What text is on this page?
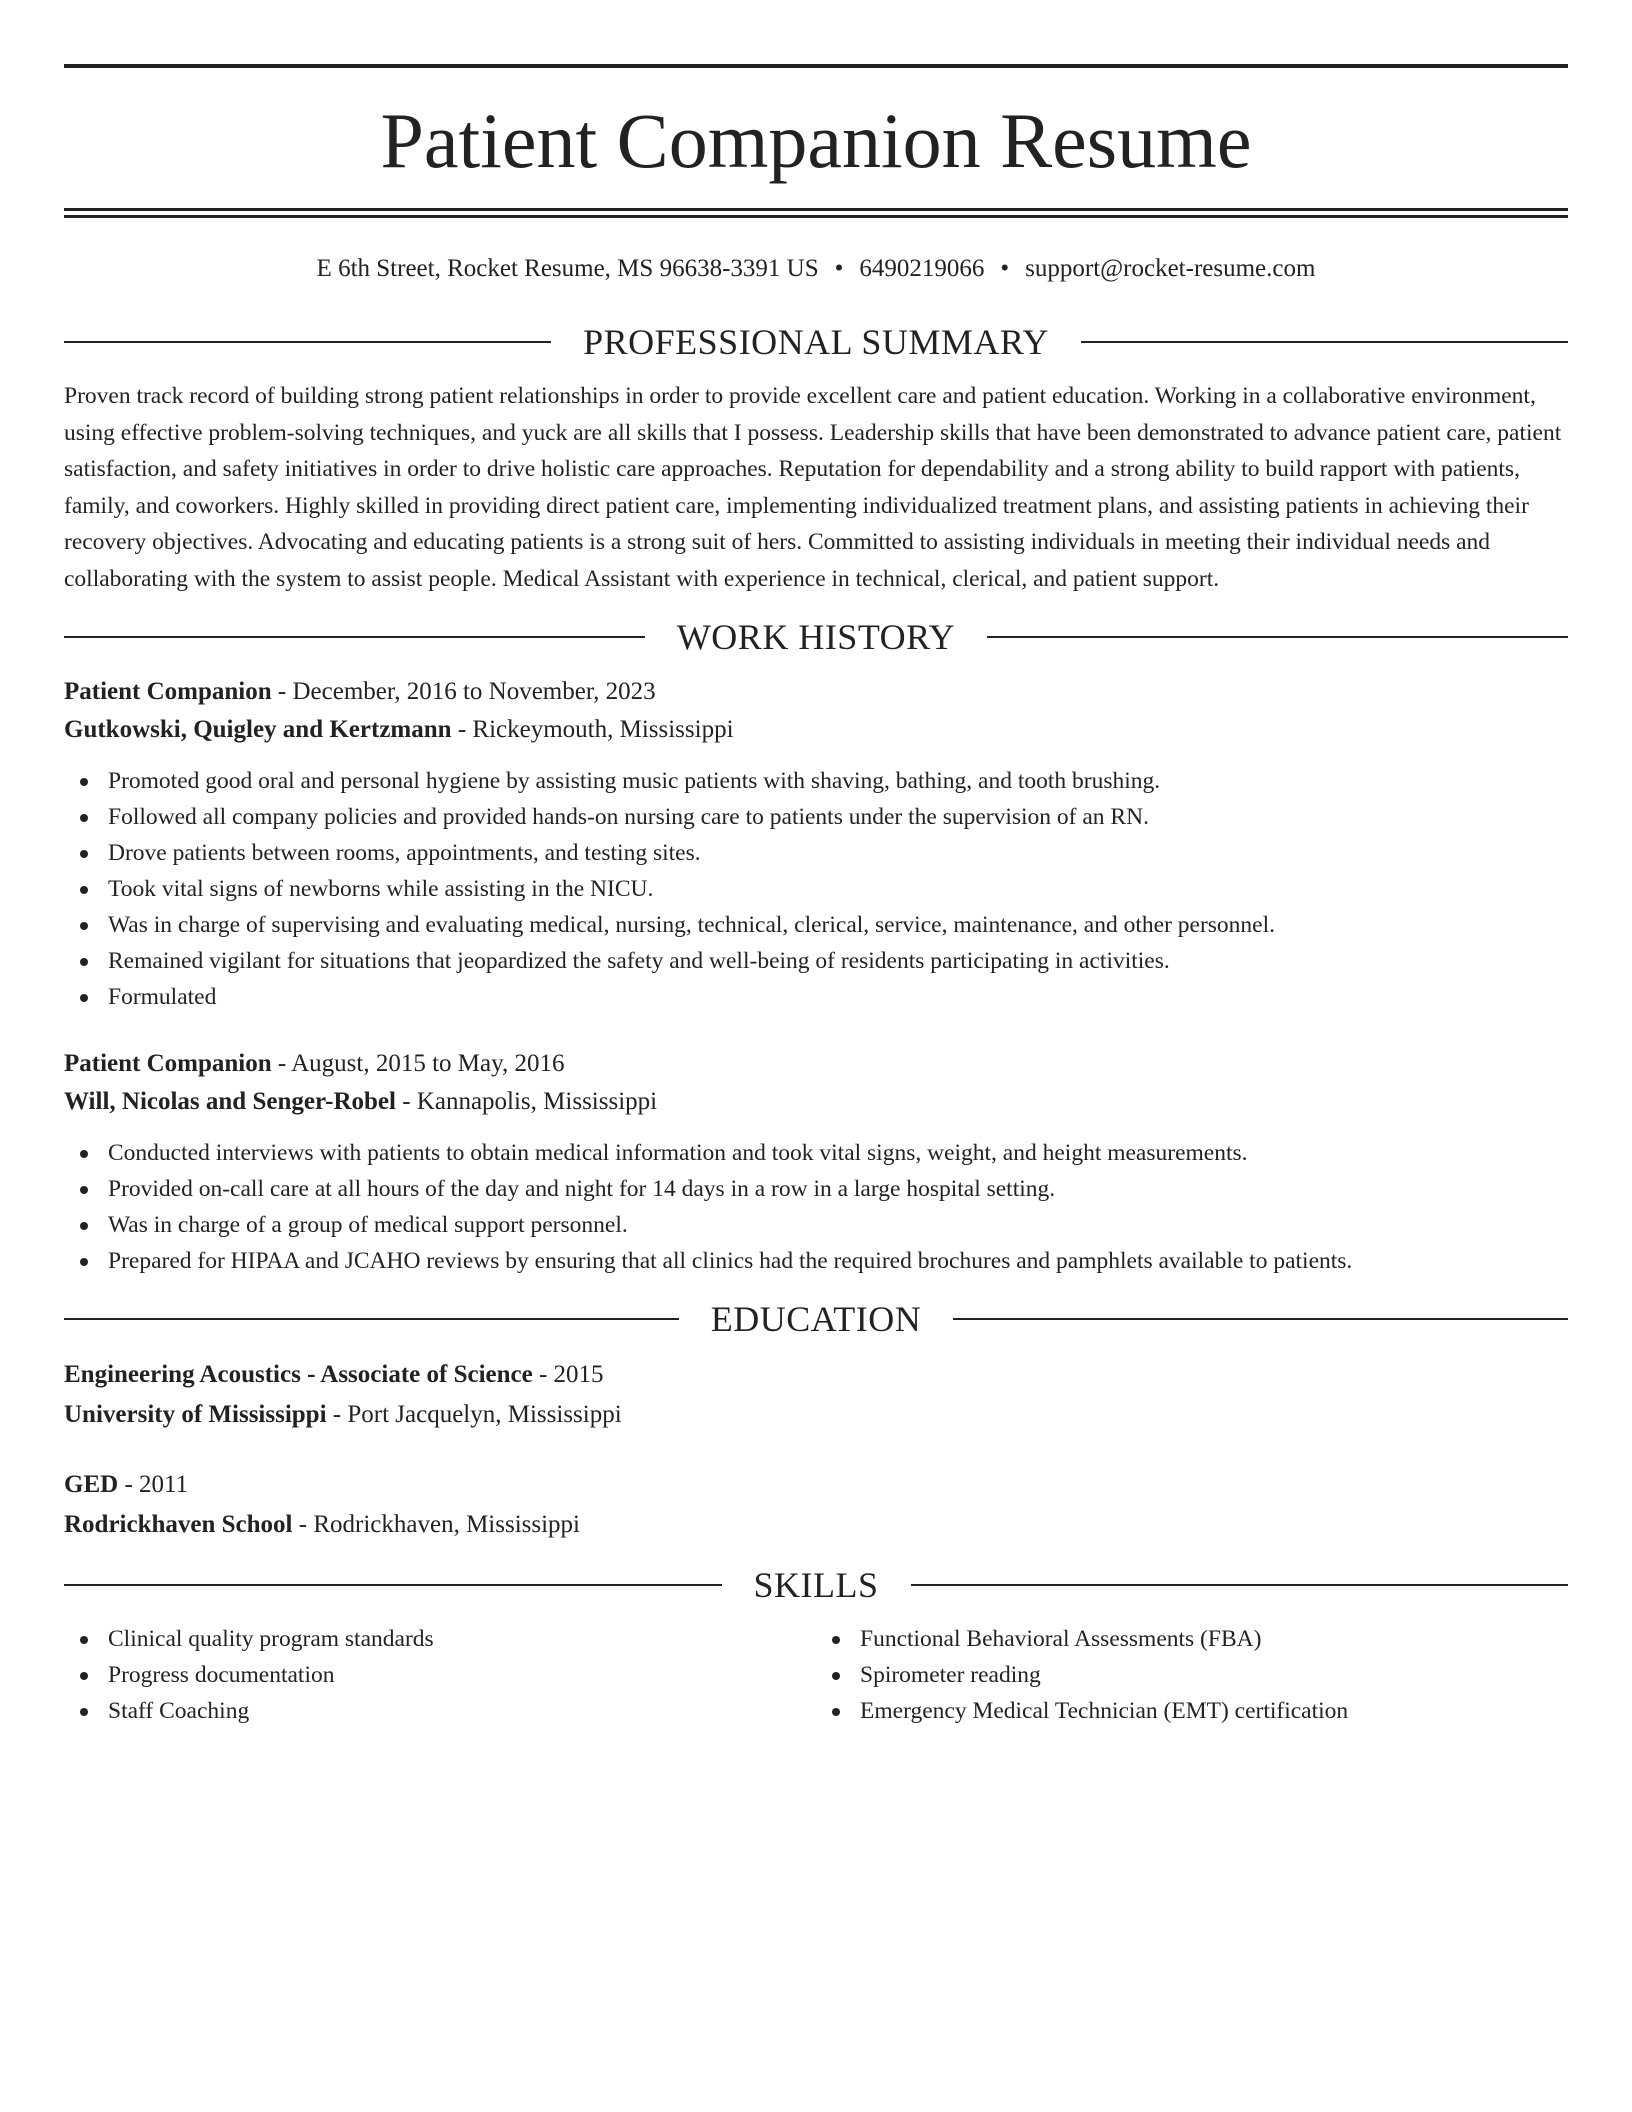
Patient Companion Resume
E 6th Street, Rocket Resume, MS 96638-3391 US • 6490219066 • support@rocket-resume.com
PROFESSIONAL SUMMARY

Proven track record of building strong patient relationships in order to provide excellent care and patient education. Working in a collaborative environment, using effective problem-solving techniques, and yuck are all skills that I possess. Leadership skills that have been demonstrated to advance patient care, patient satisfaction, and safety initiatives in order to drive holistic care approaches. Reputation for dependability and a strong ability to build rapport with patients, family, and coworkers. Highly skilled in providing direct patient care, implementing individualized treatment plans, and assisting patients in achieving their recovery objectives. Advocating and educating patients is a strong suit of hers. Committed to assisting individuals in meeting their individual needs and collaborating with the system to assist people. Medical Assistant with experience in technical, clerical, and patient support.

WORK HISTORY
Patient Companion - December, 2016 to November, 2023
Gutkowski, Quigley and Kertzmann - Rickeymouth, Mississippi
Promoted good oral and personal hygiene by assisting music patients with shaving, bathing, and tooth brushing.
Followed all company policies and provided hands-on nursing care to patients under the supervision of an RN.
Drove patients between rooms, appointments, and testing sites.
Took vital signs of newborns while assisting in the NICU.
Was in charge of supervising and evaluating medical, nursing, technical, clerical, service, maintenance, and other personnel.
Remained vigilant for situations that jeopardized the safety and well-being of residents participating in activities.
Formulated
Patient Companion - August, 2015 to May, 2016
Will, Nicolas and Senger-Robel - Kannapolis, Mississippi
Conducted interviews with patients to obtain medical information and took vital signs, weight, and height measurements.
Provided on-call care at all hours of the day and night for 14 days in a row in a large hospital setting.
Was in charge of a group of medical support personnel.
Prepared for HIPAA and JCAHO reviews by ensuring that all clinics had the required brochures and pamphlets available to patients.
EDUCATION
Engineering Acoustics - Associate of Science - 2015
University of Mississippi - Port Jacquelyn, Mississippi
GED - 2011
Rodrickhaven School - Rodrickhaven, Mississippi
SKILLS
Clinical quality program standards
Progress documentation
Staff Coaching
Functional Behavioral Assessments (FBA)
Spirometer reading
Emergency Medical Technician (EMT) certification
